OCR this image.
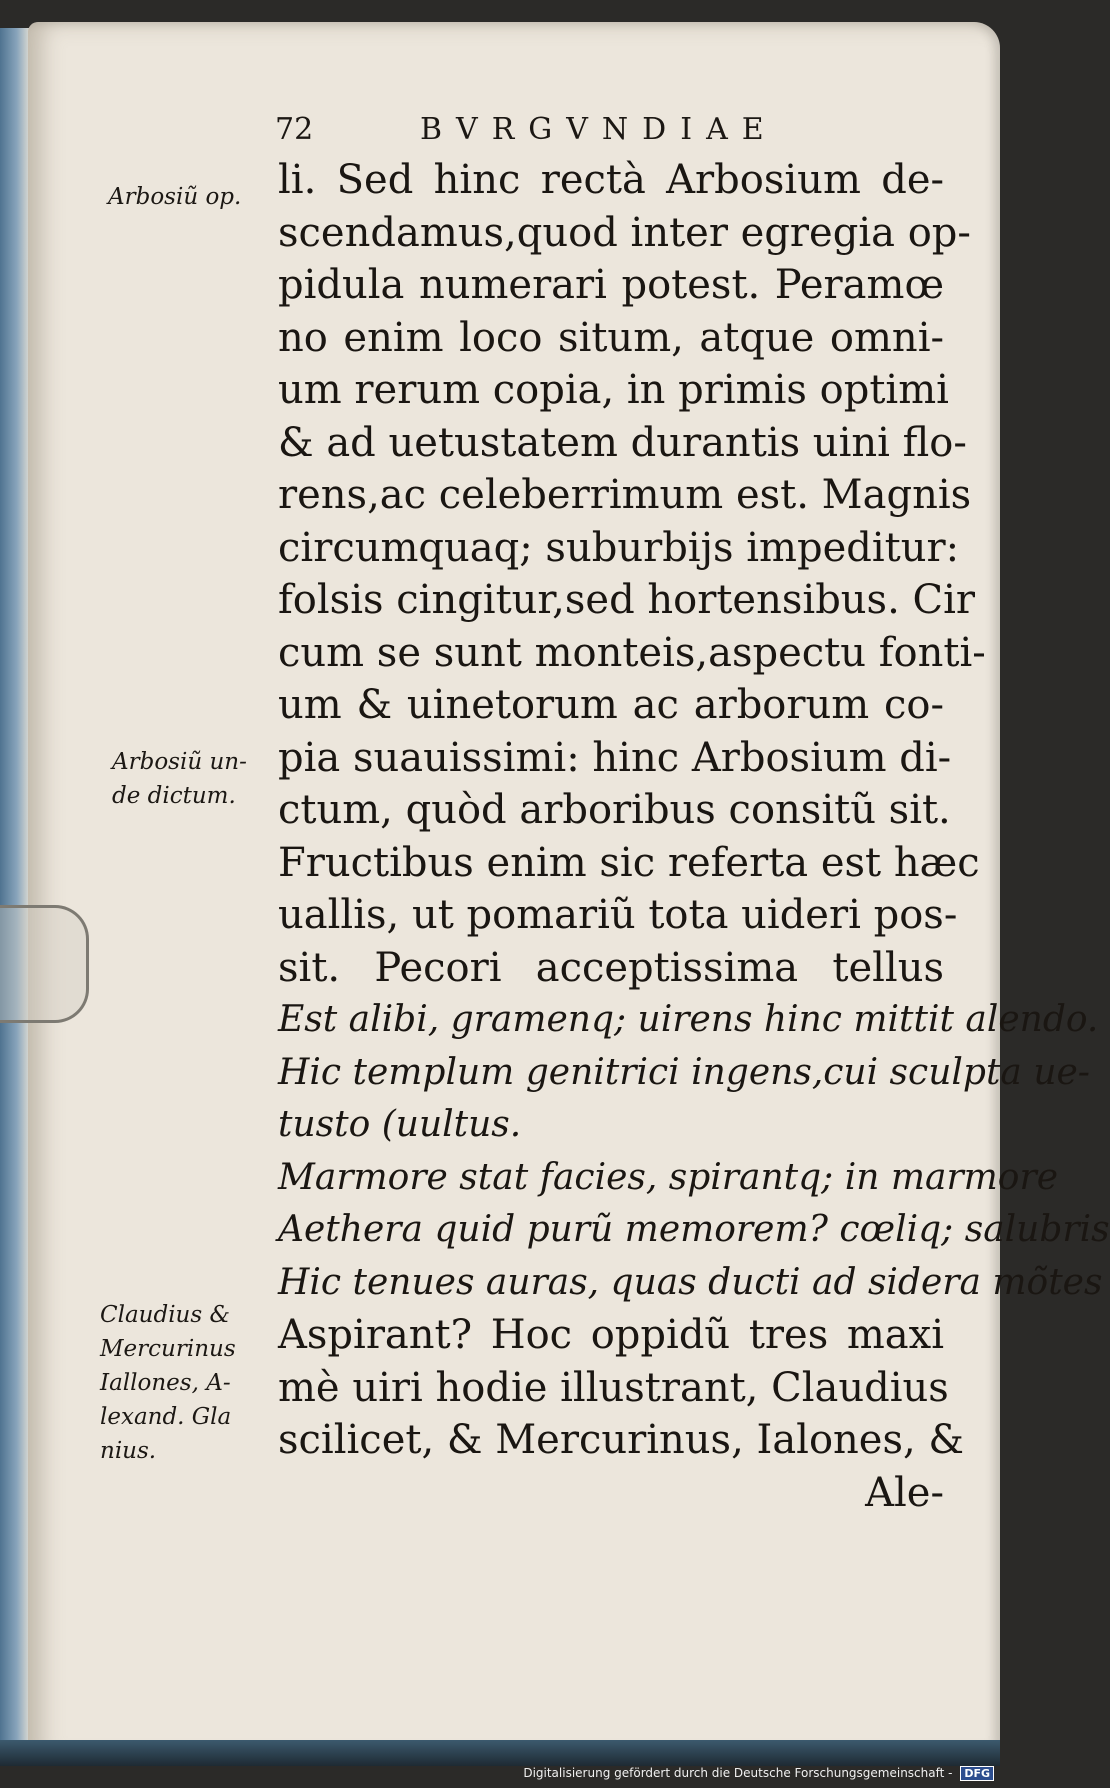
72	BVRGVNDIAE
Arbosiũ op.
Arbosiũ un-
de dictum.
Claudius &
Mercurinus
Iallones, A-
lexand. Gla
nius.
li. Sed hinc rectà Arbosium de-
scendamus,quod inter egregia op-
pidula numerari potest. Peramœ
no enim loco situm, atque omni-
um rerum copia, in primis optimi
& ad uetustatem durantis uini flo-
rens,ac celeberrimum est. Magnis
circumquaq; suburbijs impeditur:
folsis cingitur,sed hortensibus. Cir
cum se sunt monteis,aspectu fonti-
um & uinetorum ac arborum co-
pia suauissimi: hinc Arbosium di-
ctum, quòd arboribus consitũ sit.
Fructibus enim sic referta est hæc
uallis, ut pomariũ tota uideri pos-
sit. Pecori acceptissima tellus
Est alibi, gramenq; uirens hinc mittit alendo.
Hic templum genitrici ingens,cui sculpta ue-
tusto (uultus.
Marmore stat facies, spirantq; in marmore
Aethera quid purũ memorem? cœliq; salubris
Hic tenues auras, quas ducti ad sidera mõtes
Aspirant? Hoc oppidũ tres maxi
mè uiri hodie illustrant, Claudius
scilicet, & Mercurinus, Ialones, &
Ale-
Digitalisierung gefördert durch die Deutsche Forschungsgemeinschaft - DFG
